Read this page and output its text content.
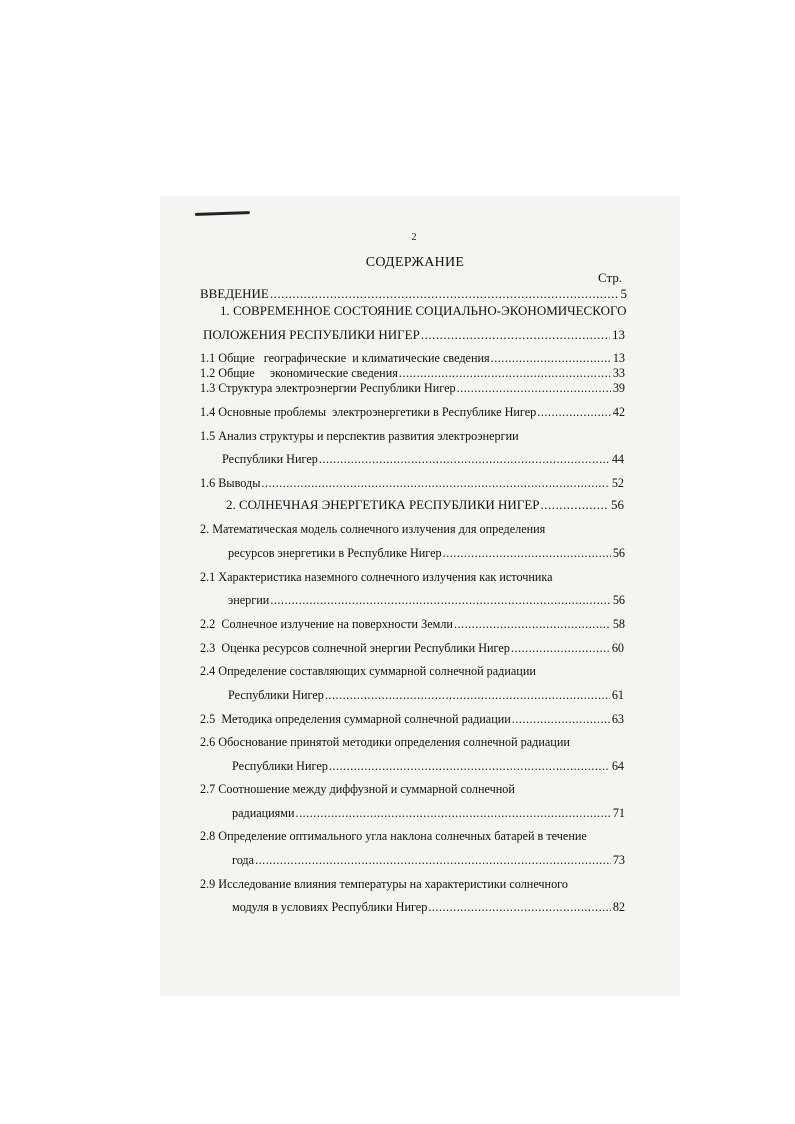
2
СОДЕРЖАНИЕ
Стр.
ВВЕДЕНИЕ .....	5
1. СОВРЕМЕННОЕ СОСТОЯНИЕ СОЦИАЛЬНО-ЭКОНОМИЧЕСКОГО
ПОЛОЖЕНИЯ РЕСПУБЛИКИ НИГЕР .....	13
1.1 Общие   географические  и климатические сведения .....	13
1.2 Общие     экономические сведения .....	33
1.3 Структура электроэнергии Республики Нигер .....	39
1.4 Основные проблемы  электроэнергетики в Республике Нигер .....	42
1.5 Анализ структуры и перспектив развития электроэнергии
Республики Нигер .....	44
1.6 Выводы .....	52
2. СОЛНЕЧНАЯ ЭНЕРГЕТИКА РЕСПУБЛИКИ НИГЕР .....	56
2. Математическая модель солнечного излучения для определения
ресурсов энергетики в Республике Нигер .....	56
2.1 Характеристика наземного солнечного излучения как источника
энергии .....	56
2.2  Солнечное излучение на поверхности Земли .....	58
2.3  Оценка ресурсов солнечной энергии Республики Нигер .....	60
2.4 Определение составляющих суммарной солнечной радиации
Республики Нигер .....	61
2.5  Методика определения суммарной солнечной радиации .....	63
2.6 Обоснование принятой методики определения солнечной радиации
Республики Нигер .....	64
2.7 Соотношение между диффузной и суммарной солнечной
радиациями .....	71
2.8 Определение оптимального угла наклона солнечных батарей в течение
года .....	73
2.9 Исследование влияния температуры на характеристики солнечного
модуля в условиях Республики Нигер .....	82
